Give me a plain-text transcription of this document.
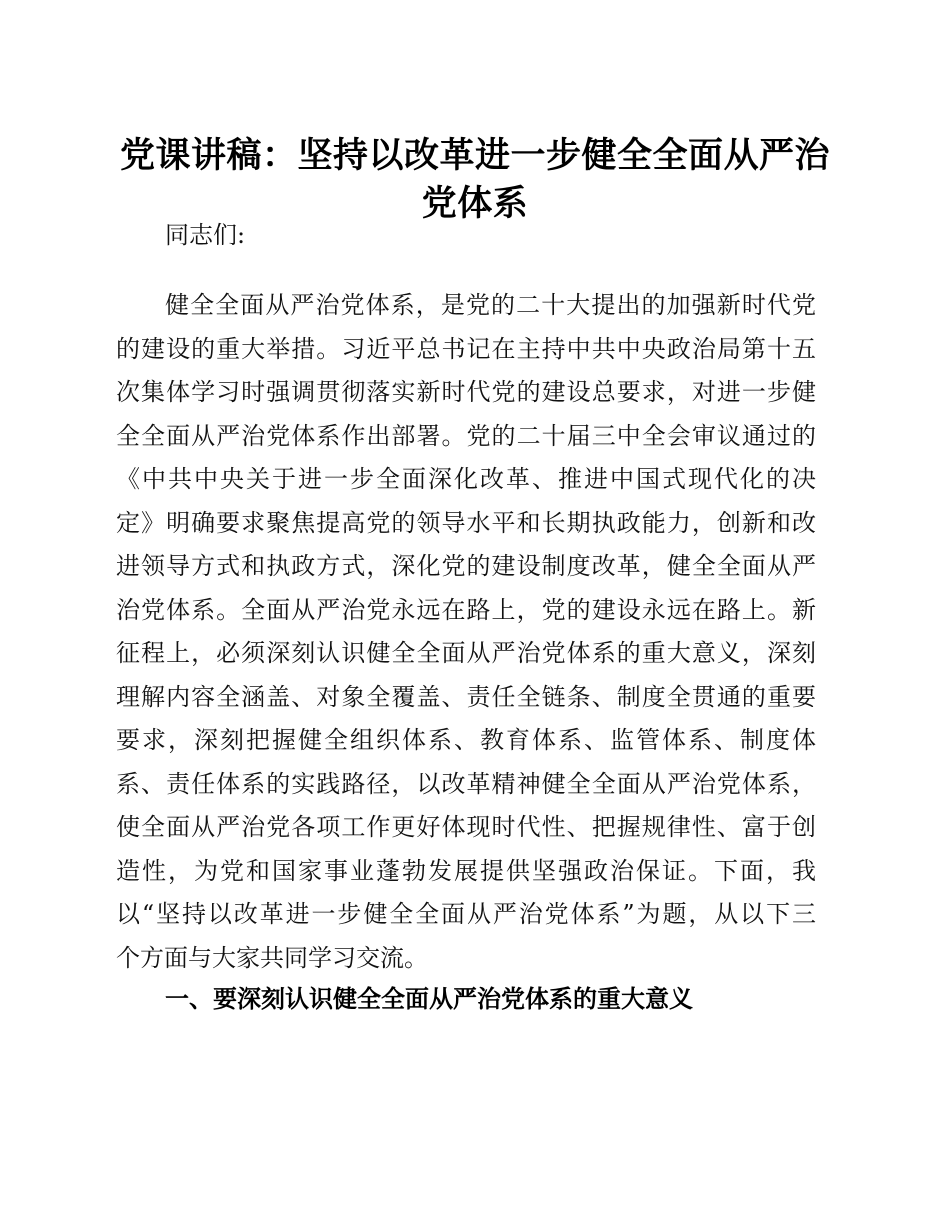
党课讲稿：坚持以改革进一步健全全面从严治
党体系

同志们:

健全全面从严治党体系，是党的二十大提出的加强新时代党
的建设的重大举措。习近平总书记在主持中共中央政治局第十五
次集体学习时强调贯彻落实新时代党的建设总要求，对进一步健
全全面从严治党体系作出部署。党的二十届三中全会审议通过的
《中共中央关于进一步全面深化改革、推进中国式现代化的决
定》明确要求聚焦提高党的领导水平和长期执政能力，创新和改
进领导方式和执政方式，深化党的建设制度改革，健全全面从严
治党体系。全面从严治党永远在路上，党的建设永远在路上。新
征程上，必须深刻认识健全全面从严治党体系的重大意义，深刻
理解内容全涵盖、对象全覆盖、责任全链条、制度全贯通的重要
要求，深刻把握健全组织体系、教育体系、监管体系、制度体
系、责任体系的实践路径，以改革精神健全全面从严治党体系，
使全面从严治党各项工作更好体现时代性、把握规律性、富于创
造性，为党和国家事业蓬勃发展提供坚强政治保证。下面，我
以“坚持以改革进一步健全全面从严治党体系”为题，从以下三
个方面与大家共同学习交流。
一、要深刻认识健全全面从严治党体系的重大意义
